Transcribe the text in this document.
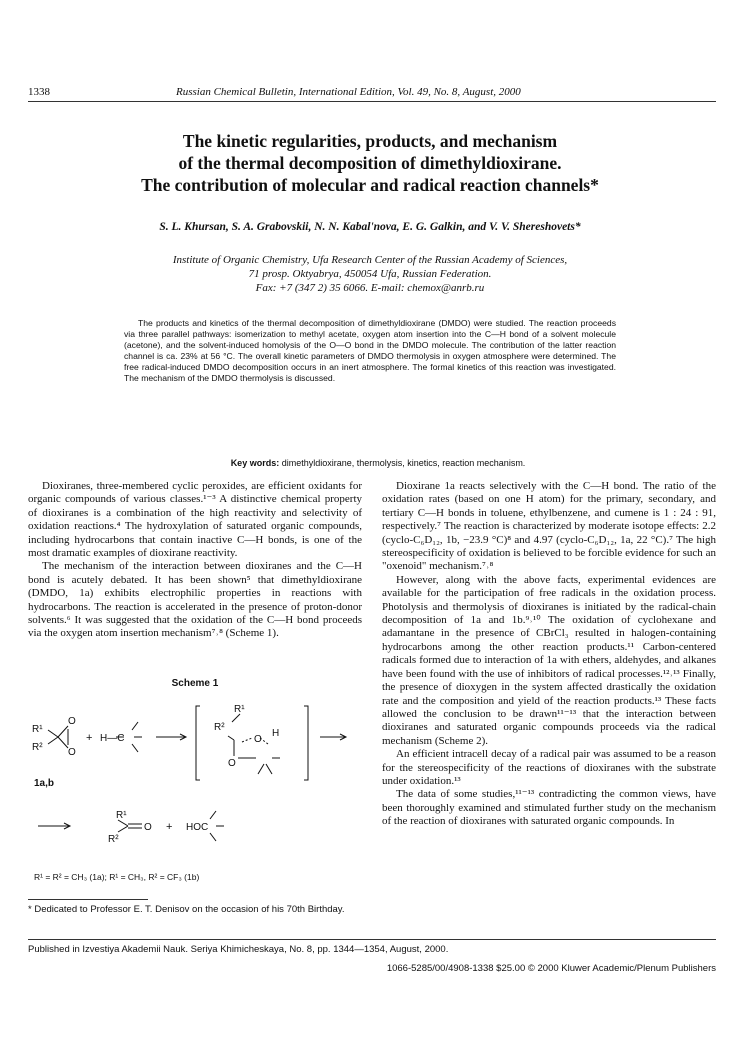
1338	Russian Chemical Bulletin, International Edition, Vol. 49, No. 8, August, 2000
The kinetic regularities, products, and mechanism
of the thermal decomposition of dimethyldioxirane.
The contribution of molecular and radical reaction channels*
S. L. Khursan, S. A. Grabovskii, N. N. Kabal'nova, E. G. Galkin, and V. V. Shereshovets*
Institute of Organic Chemistry, Ufa Research Center of the Russian Academy of Sciences,
71 prosp. Oktyabrya, 450054 Ufa, Russian Federation.
Fax: +7 (347 2) 35 6066. E-mail: chemox@anrb.ru

The products and kinetics of the thermal decomposition of dimethyldioxirane (DMDO) were studied. The reaction proceeds via three parallel pathways: isomerization to methyl acetate, oxygen atom insertion into the C—H bond of a solvent molecule (acetone), and the solvent-induced homolysis of the O—O bond in the DMDO molecule. The contribution of the latter reaction channel is ca. 23% at 56 °C. The overall kinetic parameters of DMDO thermolysis in oxygen atmosphere were determined. The free radical-induced DMDO decomposition occurs in an inert atmosphere. The formal kinetics of this reaction was investigated. The mechanism of the DMDO thermolysis is discussed.

Key words: dimethyldioxirane, thermolysis, kinetics, reaction mechanism.

Dioxiranes, three-membered cyclic peroxides, are efficient oxidants for organic compounds of various classes.¹⁻³ A distinctive chemical property of dioxiranes is a combination of the high reactivity and selectivity of oxidation reactions.⁴ The hydroxylation of saturated organic compounds, including hydrocarbons that contain inactive C—H bonds, is one of the most dramatic examples of dioxirane reactivity.

The mechanism of the interaction between dioxiranes and the C—H bond is acutely debated. It has been shown⁵ that dimethyldioxirane (DMDO, 1a) exhibits electrophilic properties in reactions with hydrocarbons. The reaction is accelerated in the presence of proton-donor solvents.⁶ It was suggested that the oxidation of the C—H bond proceeds via the oxygen atom insertion mechanism⁷˒⁸ (Scheme 1).

Scheme 1
R¹
R²
O
O
+ H—C
R¹
R²
O
H
O
R¹
R²
O + HOC
1a,b
R¹ = R² = CH₃ (1a); R¹ = CH₃, R² = CF₃ (1b)
* Dedicated to Professor E. T. Denisov on the occasion of his 70th Birthday.

Dioxirane 1a reacts selectively with the C—H bond. The ratio of the oxidation rates (based on one H atom) for the primary, secondary, and tertiary C—H bonds in toluene, ethylbenzene, and cumene is 1 : 24 : 91, respectively.⁷ The reaction is characterized by moderate isotope effects: 2.2 (cyclo-C₆D₁₂, 1b, −23.9 °C)⁸ and 4.97 (cyclo-C₆D₁₂, 1a, 22 °C).⁷ The high stereospecificity of oxidation is believed to be forcible evidence for such an "oxenoid" mechanism.⁷˒⁸

However, along with the above facts, experimental evidences are available for the participation of free radicals in the oxidation process. Photolysis and thermolysis of dioxiranes is initiated by the radical-chain decomposition of 1a and 1b.⁹˒¹⁰ The oxidation of cyclohexane and adamantane in the presence of CBrCl₃ resulted in halogen-containing hydrocarbons among the other reaction products.¹¹ Carbon-centered radicals formed due to interaction of 1a with ethers, aldehydes, and alkanes have been found with the use of inhibitors of radical processes.¹²˒¹³ Finally, the presence of dioxygen in the system affected drastically the oxidation rate and the composition and yield of the reaction products.¹³ These facts allowed the conclusion to be drawn¹¹⁻¹³ that the interaction between dioxiranes and saturated organic compounds proceeds via the radical mechanism (Scheme 2).

An efficient intracell decay of a radical pair was assumed to be a reason for the stereospecificity of the reactions of dioxiranes with the substrate under oxidation.¹³

The data of some studies,¹¹⁻¹³ contradicting the common views, have been thoroughly examined and stimulated further study on the mechanism of the reaction of dioxiranes with saturated organic compounds. In

Published in Izvestiya Akademii Nauk. Seriya Khimicheskaya, No. 8, pp. 1344—1354, August, 2000.
1066-5285/00/4908-1338 $25.00 © 2000 Kluwer Academic/Plenum Publishers
